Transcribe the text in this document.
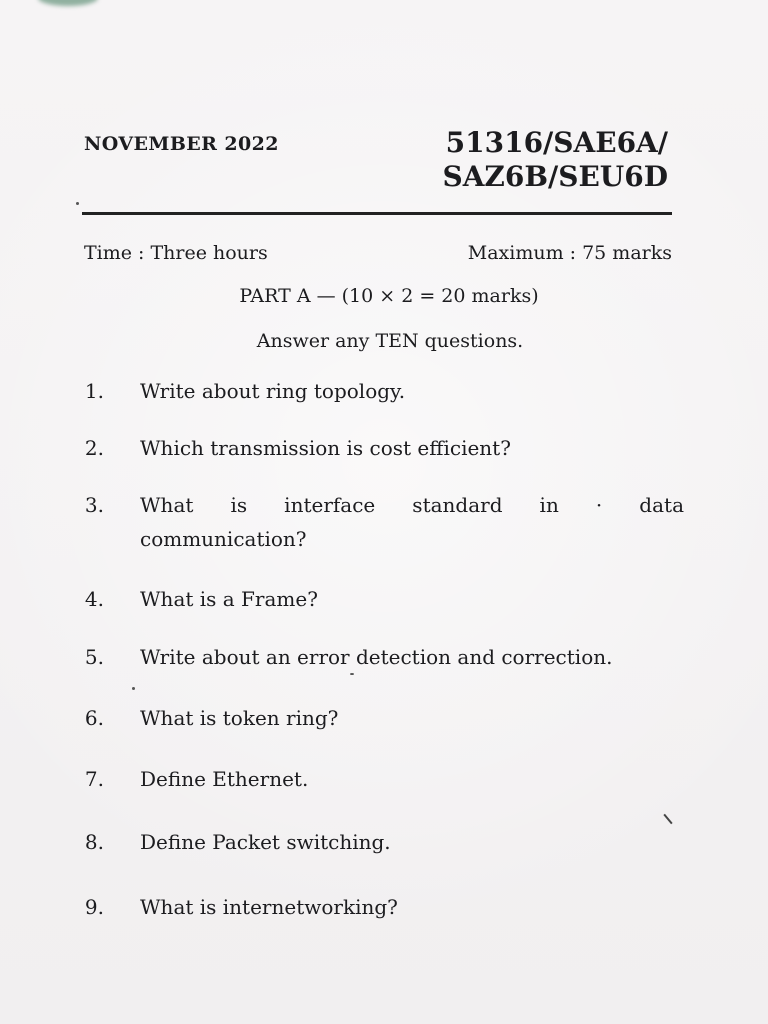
NOVEMBER 2022	51316/SAE6A/
SAZ6B/SEU6D
Time : Three hours	Maximum : 75 marks
PART A — (10 × 2 = 20 marks)
Answer any TEN questions.
1. Write about ring topology.
2. Which transmission is cost efficient?
3. What is interface standard in · data
communication?
4. What is a Frame?
5. Write about an error detection and correction.
6. What is token ring?
7. Define Ethernet.
8. Define Packet switching.
9. What is internetworking?
